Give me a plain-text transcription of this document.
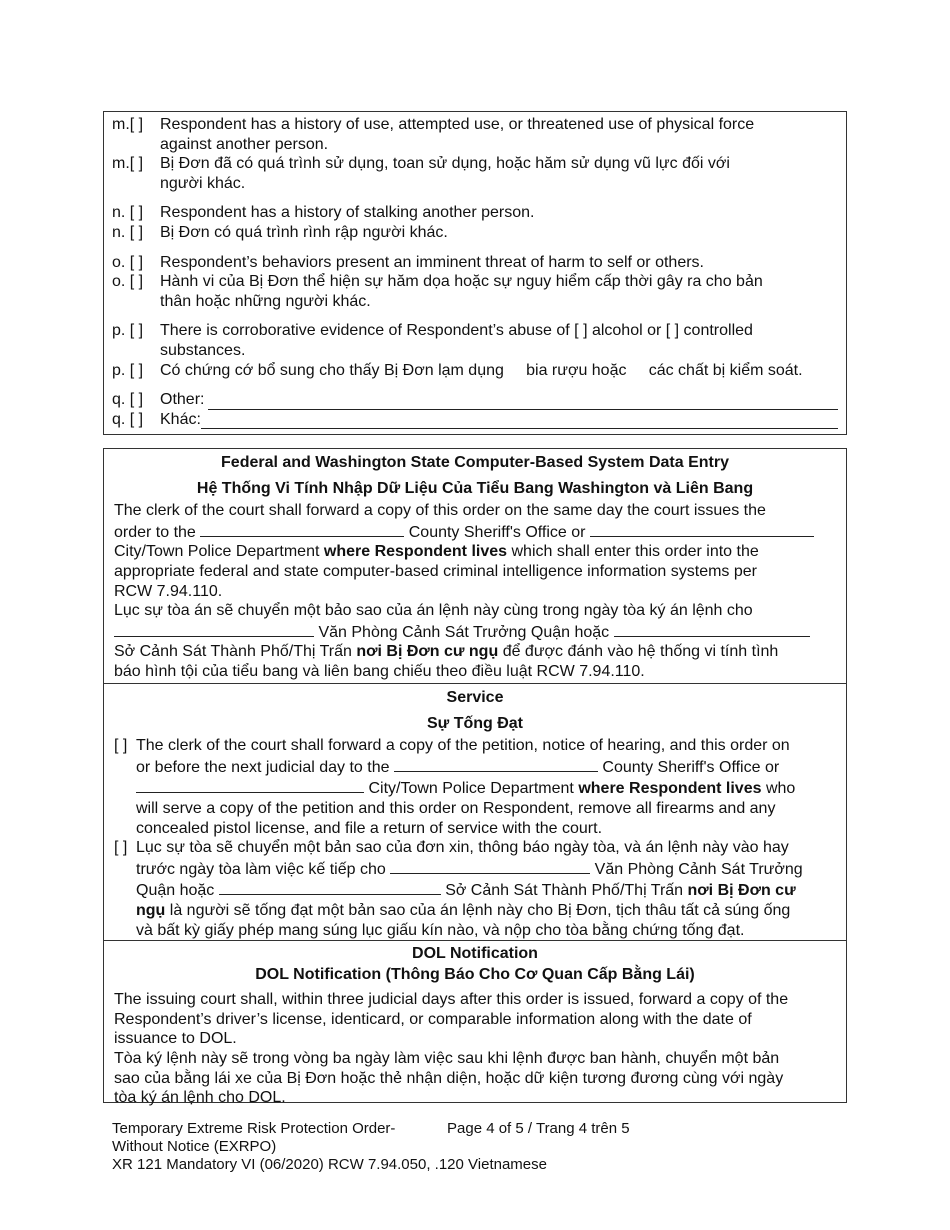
m.[ ]	Respondent has a history of use, attempted use, or threatened use of physical force
against another person.
m.[ ]	Bị Đơn đã có quá trình sử dụng, toan sử dụng, hoặc hăm sử dụng vũ lực đối với
người khác.
n. [ ]	Respondent has a history of stalking another person.
n. [ ]	Bị Đơn có quá trình rình rập người khác.
o. [ ]	Respondent’s behaviors present an imminent threat of harm to self or others.
o. [ ]	Hành vi của Bị Đơn thể hiện sự hăm dọa hoặc sự nguy hiểm cấp thời gây ra cho bản
thân hoặc những người khác.
p. [ ]	There is corroborative evidence of Respondent’s abuse of [ ] alcohol or [ ] controlled
substances.
p. [ ]	Có chứng cớ bổ sung cho thấy Bị Đơn lạm dụng     bia rượu hoặc     các chất bị kiểm soát.
q. [ ]	Other:
q. [ ]	Khác:
Federal and Washington State Computer-Based System Data Entry
Hệ Thống Vi Tính Nhập Dữ Liệu Của Tiểu Bang Washington và Liên Bang
The clerk of the court shall forward a copy of this order on the same day the court issues the
order to the	County Sheriff's Office or
City/Town Police Department where Respondent lives which shall enter this order into the
appropriate federal and state computer-based criminal intelligence information systems per
RCW 7.94.110.
Lục sự tòa án sẽ chuyển một bảo sao của án lệnh này cùng trong ngày tòa ký án lệnh cho
Văn Phòng Cảnh Sát Trưởng Quận hoặc
Sở Cảnh Sát Thành Phố/Thị Trấn nơi Bị Đơn cư ngụ để được đánh vào hệ thống vi tính tình
báo hình tội của tiểu bang và liên bang chiếu theo điều luật RCW 7.94.110.
Service
Sự Tống Đạt
[ ] The clerk of the court shall forward a copy of the petition, notice of hearing, and this order on
or before the next judicial day to the	County Sheriff's Office or
City/Town Police Department where Respondent lives who
will serve a copy of the petition and this order on Respondent, remove all firearms and any
concealed pistol license, and file a return of service with the court.
[ ] Lục sự tòa sẽ chuyển một bản sao của đơn xin, thông báo ngày tòa, và án lệnh này vào hay
trước ngày tòa làm việc kế tiếp cho	Văn Phòng Cảnh Sát Trưởng
Quận hoặc	Sở Cảnh Sát Thành Phố/Thị Trấn nơi Bị Đơn cư
ngụ là người sẽ tống đạt một bản sao của án lệnh này cho Bị Đơn, tịch thâu tất cả súng ống
và bất kỳ giấy phép mang súng lục giấu kín nào, và nộp cho tòa bằng chứng tống đạt.
DOL Notification
DOL Notification (Thông Báo Cho Cơ Quan Cấp Bằng Lái)
The issuing court shall, within three judicial days after this order is issued, forward a copy of the
Respondent’s driver’s license, identicard, or comparable information along with the date of
issuance to DOL.
Tòa ký lệnh này sẽ trong vòng ba ngày làm việc sau khi lệnh được ban hành, chuyển một bản
sao của bằng lái xe của Bị Đơn hoặc thẻ nhận diện, hoặc dữ kiện tương đương cùng với ngày
tòa ký án lệnh cho DOL.
Temporary Extreme Risk Protection Order-
Without Notice (EXRPO)
XR 121 Mandatory VI (06/2020) RCW 7.94.050, .120 Vietnamese
Page 4 of 5 / Trang 4 trên 5
